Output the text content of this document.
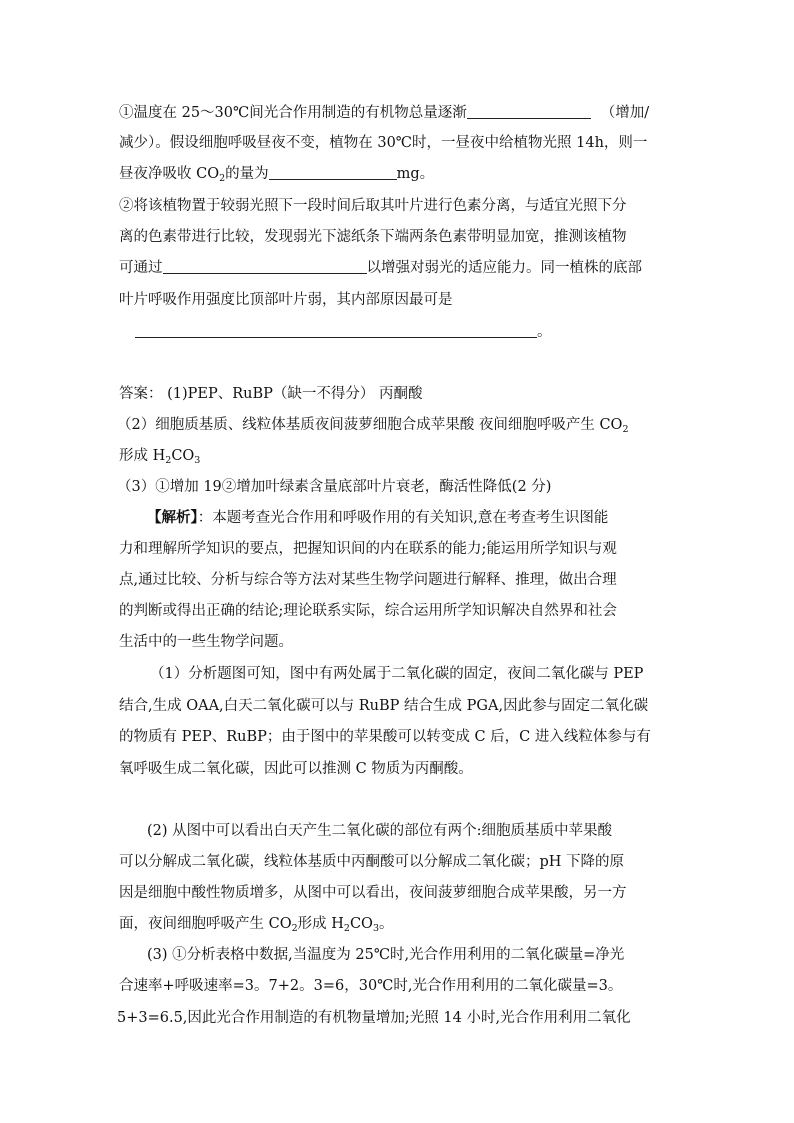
①温度在 25～30℃间光合作用制造的有机物总量逐渐	（增加/
减少）。假设细胞呼吸昼夜不变，植物在 30℃时，一昼夜中给植物光照 14h，则一
昼夜净吸收 $CO_2$的量为	mg。
②将该植物置于较弱光照下一段时间后取其叶片进行色素分离，与适宜光照下分
离的色素带进行比较，发现弱光下滤纸条下端两条色素带明显加宽，推测该植物
可通过	以增强对弱光的适应能力。同一植株的底部
叶片呼吸作用强度比顶部叶片弱，其内部原因最可是
。
答案： (1)PEP、RuBP（缺一不得分） 丙酮酸
（2）细胞质基质、线粒体基质夜间菠萝细胞合成苹果酸 夜间细胞呼吸产生 $CO_2$
形成 $H_2CO_3$
（3）①增加 19②增加叶绿素含量底部叶片衰老，酶活性降低(2 分)
【解析】：本题考查光合作用和呼吸作用的有关知识,意在考查考生识图能
力和理解所学知识的要点，把握知识间的内在联系的能力;能运用所学知识与观
点,通过比较、分析与综合等方法对某些生物学问题进行解释、推理，做出合理
的判断或得出正确的结论;理论联系实际，综合运用所学知识解决自然界和社会
生活中的一些生物学问题。
（1）分析题图可知，图中有两处属于二氧化碳的固定，夜间二氧化碳与 PEP
结合,生成 OAA,白天二氧化碳可以与 RuBP 结合生成 PGA,因此参与固定二氧化碳
的物质有 PEP、RuBP；由于图中的苹果酸可以转变成 C 后，C 进入线粒体参与有
氧呼吸生成二氧化碳，因此可以推测 C 物质为丙酮酸。
(2) 从图中可以看出白天产生二氧化碳的部位有两个:细胞质基质中苹果酸
可以分解成二氧化碳，线粒体基质中丙酮酸可以分解成二氧化碳；pH 下降的原
因是细胞中酸性物质增多，从图中可以看出，夜间菠萝细胞合成苹果酸，另一方
面，夜间细胞呼吸产生 $CO_2$形成 $H_2CO_3$。
(3) ①分析表格中数据,当温度为 25℃时,光合作用利用的二氧化碳量=净光
合速率+呼吸速率=3。7+2。3=6，30℃时,光合作用利用的二氧化碳量=3。
5+3=6.5,因此光合作用制造的有机物量增加;光照 14 小时,光合作用利用二氧化
